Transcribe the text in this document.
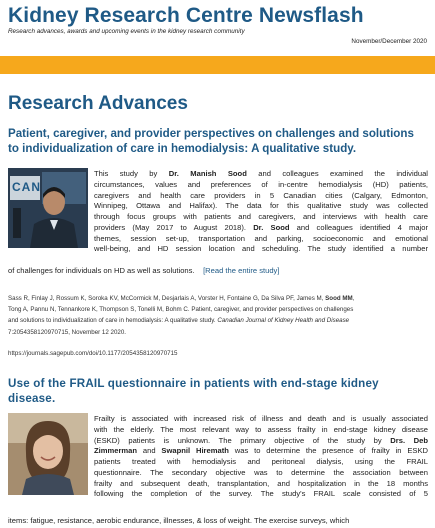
Kidney Research Centre Newsflash
Research advances, awards and upcoming events in the kidney research community
November/December 2020
Research Advances
Patient, caregiver, and provider perspectives on challenges and solutions
to individualization of care in hemodialysis: A qualitative study.
CAN
This study by Dr. Manish Sood and colleagues examined the individual
circumstances, values and preferences of in-centre hemodialysis (HD) patients,
caregivers and health care providers in 5 Canadian cities (Calgary, Edmonton,
Winnipeg, Ottawa and Halifax). The data for this qualitative study was collected
through focus groups with patients and caregivers, and interviews with health care
providers (May 2017 to August 2018). Dr. Sood and colleagues identified 4 major
themes, session set-up, transportation and parking, socioeconomic and emotional
well-being, and HD session location and scheduling. The study identified a number
of challenges for individuals on HD as well as solutions. [Read the entire study]
Sass R, Finlay J, Rossum K, Soroka KV, McCormick M, Desjarlais A, Vorster H, Fontaine G, Da Silva PF, James M, Sood MM,
Tong A, Pannu N, Tennankore K, Thompson S, Tonelli M, Bohm C. Patient, caregiver, and provider perspectives on challenges
and solutions to individualization of care in hemodialysis: A qualitative study. Canadian Journal of Kidney Health and Disease
7:2054358120970715, November 12 2020.
https://journals.sagepub.com/doi/10.1177/2054358120970715
Use of the FRAIL questionnaire in patients with end-stage kidney
disease.
Frailty is associated with increased risk of illness and death and is usually associated
with the elderly. The most relevant way to assess frailty in end-stage kidney disease
(ESKD) patients is unknown. The primary objective of the study by Drs. Deb
Zimmerman and Swapnil Hiremath was to determine the presence of frailty in ESKD
patients treated with hemodialysis and peritoneal dialysis, using the FRAIL
questionnaire. The secondary objective was to determine the association between
frailty and subsequent death, transplantation, and hospitalization in the 18 months
following the completion of the survey. The study's FRAIL scale consisted of 5
items: fatigue, resistance, aerobic endurance, illnesses, & loss of weight. The exercise surveys, which
